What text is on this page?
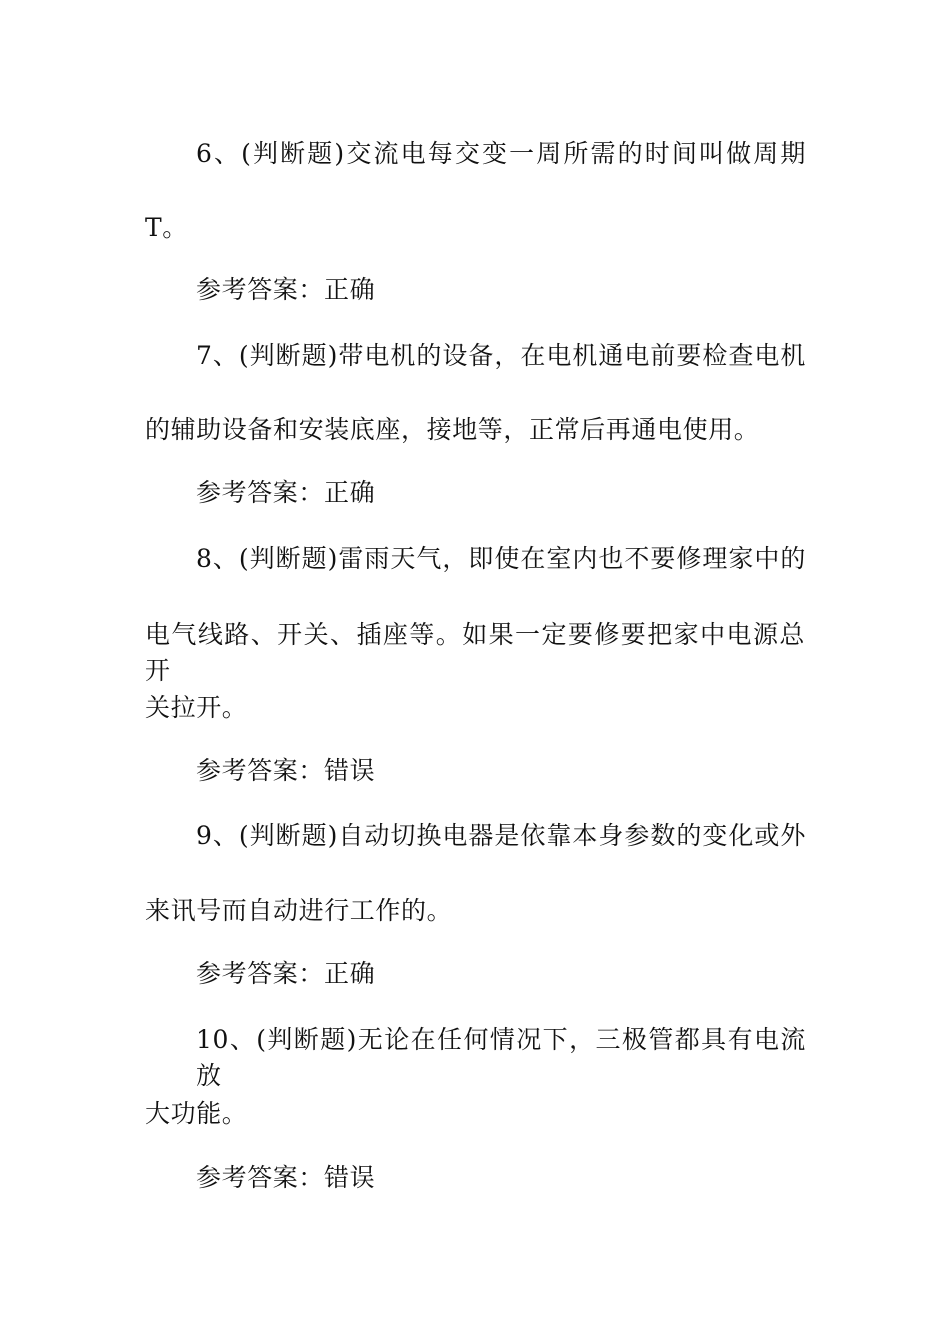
6、(判断题)交流电每交变一周所需的时间叫做周期
T。
参考答案：正确
7、(判断题)带电机的设备，在电机通电前要检查电机
的辅助设备和安装底座，接地等，正常后再通电使用。
参考答案：正确
8、(判断题)雷雨天气，即使在室内也不要修理家中的
电气线路、开关、插座等。如果一定要修要把家中电源总开
关拉开。
参考答案：错误
9、(判断题)自动切换电器是依靠本身参数的变化或外
来讯号而自动进行工作的。
参考答案：正确
10、(判断题)无论在任何情况下，三极管都具有电流放
大功能。
参考答案：错误
